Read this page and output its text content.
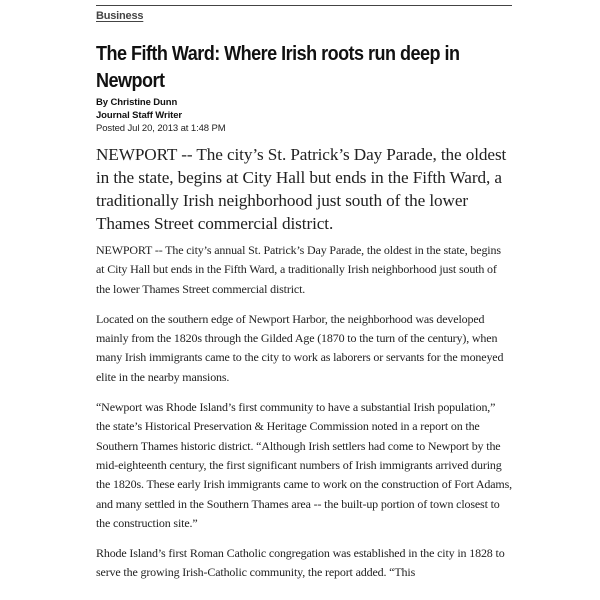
Business
The Fifth Ward: Where Irish roots run deep in Newport
By Christine Dunn
Journal Staff Writer
Posted Jul 20, 2013 at 1:48 PM

NEWPORT -- The city’s St. Patrick’s Day Parade, the oldest in the state, begins at City Hall but ends in the Fifth Ward, a traditionally Irish neighborhood just south of the lower Thames Street commercial district.

NEWPORT -- The city’s annual St. Patrick’s Day Parade, the oldest in the state, begins at City Hall but ends in the Fifth Ward, a traditionally Irish neighborhood just south of the lower Thames Street commercial district.

Located on the southern edge of Newport Harbor, the neighborhood was developed mainly from the 1820s through the Gilded Age (1870 to the turn of the century), when many Irish immigrants came to the city to work as laborers or servants for the moneyed elite in the nearby mansions.

“Newport was Rhode Island’s first community to have a substantial Irish population,” the state’s Historical Preservation & Heritage Commission noted in a report on the Southern Thames historic district. “Although Irish settlers had come to Newport by the mid-eighteenth century, the first significant numbers of Irish immigrants arrived during the 1820s. These early Irish immigrants came to work on the construction of Fort Adams, and many settled in the Southern Thames area -- the built-up portion of town closest to the construction site.”

Rhode Island’s first Roman Catholic congregation was established in the city in 1828 to serve the growing Irish-Catholic community, the report added. “This
